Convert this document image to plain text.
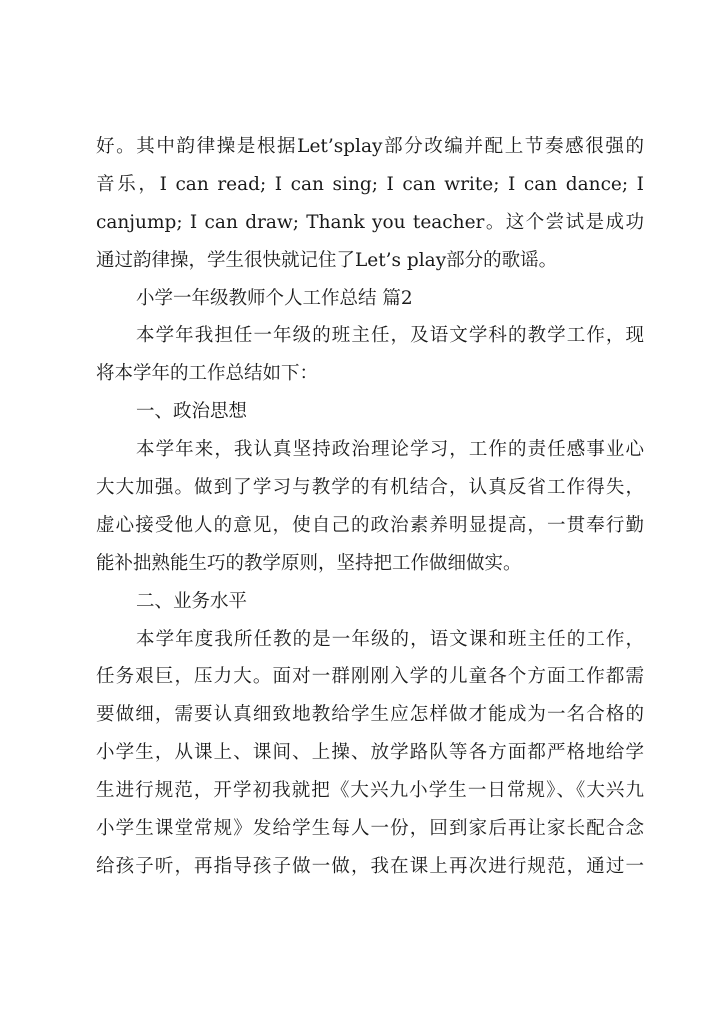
好。其中韵律操是根据Let’splay部分改编并配上节奏感很强的
音乐，I can read; I can sing; I can write; I can dance; I
canjump; I can draw; Thank you teacher。这个尝试是成功
通过韵律操，学生很快就记住了Let’s play部分的歌谣。
小学一年级教师个人工作总结 篇2
本学年我担任一年级的班主任，及语文学科的教学工作，现
将本学年的工作总结如下：
一、政治思想
本学年来，我认真坚持政治理论学习，工作的责任感事业心
大大加强。做到了学习与教学的有机结合，认真反省工作得失，
虚心接受他人的意见，使自己的政治素养明显提高，一贯奉行勤
能补拙熟能生巧的教学原则，坚持把工作做细做实。
二、业务水平
本学年度我所任教的是一年级的，语文课和班主任的工作，
任务艰巨，压力大。面对一群刚刚入学的儿童各个方面工作都需
要做细，需要认真细致地教给学生应怎样做才能成为一名合格的
小学生，从课上、课间、上操、放学路队等各方面都严格地给学
生进行规范，开学初我就把《大兴九小学生一日常规》、《大兴九
小学生课堂常规》发给学生每人一份，回到家后再让家长配合念
给孩子听，再指导孩子做一做，我在课上再次进行规范，通过一
